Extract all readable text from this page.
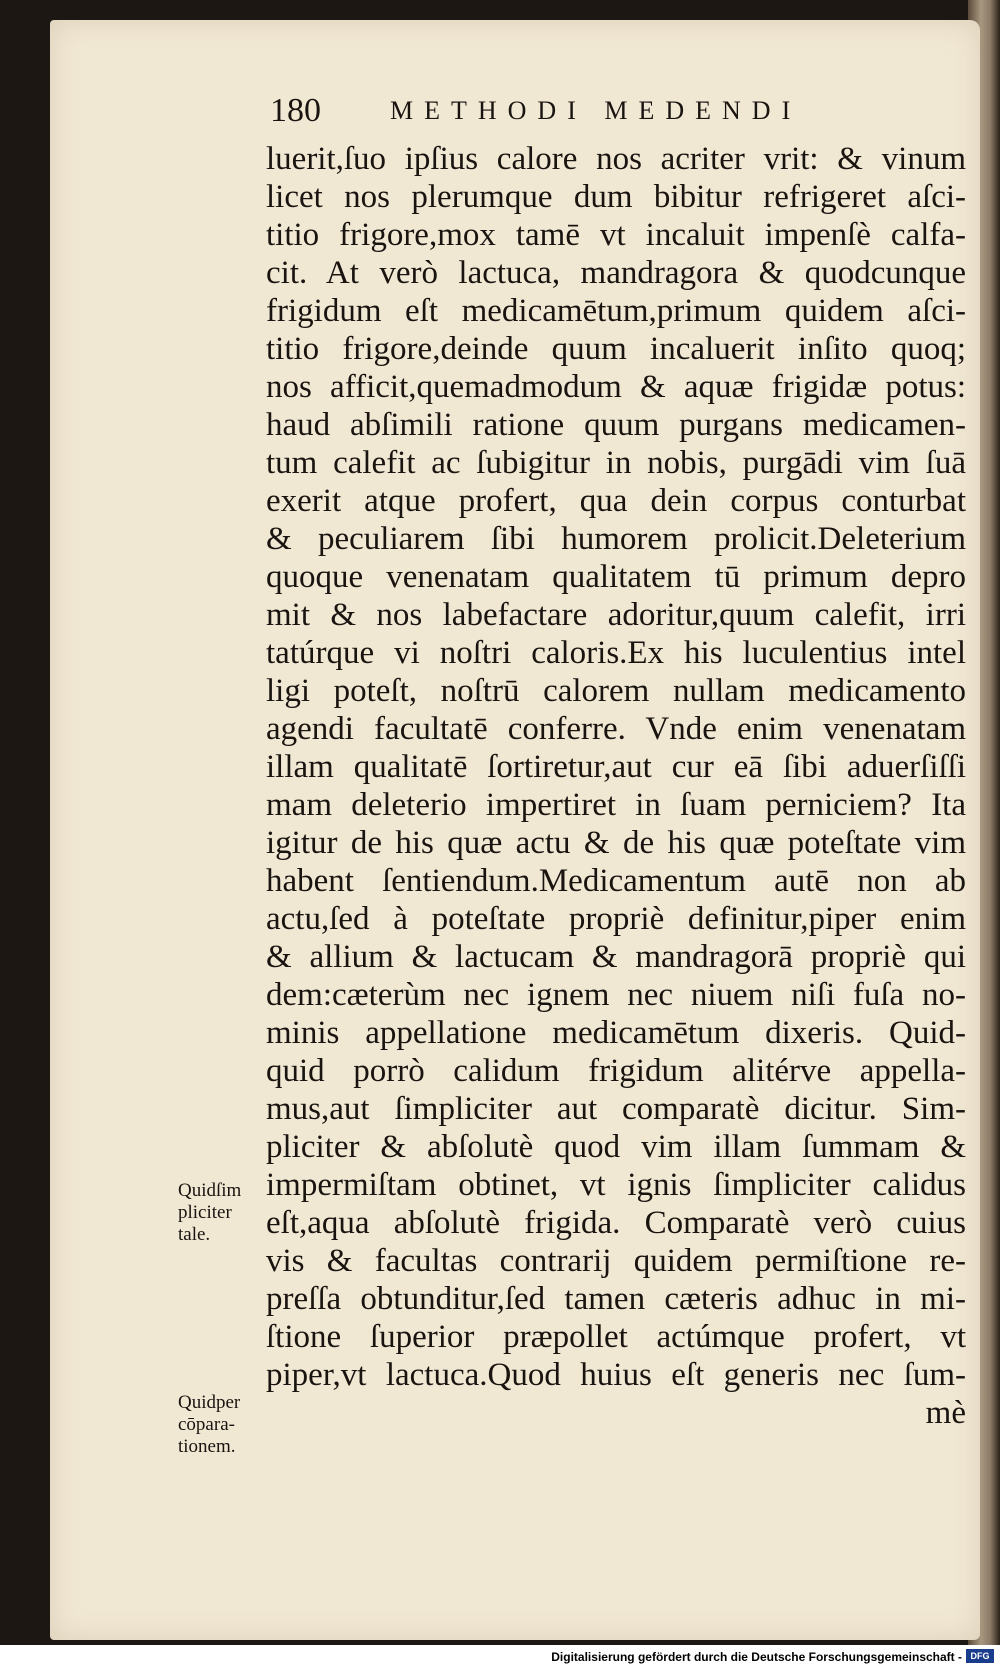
180	METHODI MEDENDI
luerit,ſuo ipſius calore nos acriter vrit: & vinum
licet nos plerumque dum bibitur refrigeret aſci-
titio frigore,mox tamē vt incaluit impenſè calfa-
cit. At verò lactuca, mandragora & quodcunque
frigidum eſt medicamētum,primum quidem aſci-
titio frigore,deinde quum incaluerit inſito quoq;
nos afficit,quemadmodum & aquæ frigidæ potus:
haud abſimili ratione quum purgans medicamen-
tum calefit ac ſubigitur in nobis, purgādi vim ſuā
exerit atque profert, qua dein corpus conturbat
& peculiarem ſibi humorem prolicit.Deleterium
quoque venenatam qualitatem tū primum depro
mit & nos labefactare adoritur,quum calefit, irri
tatúrque vi noſtri caloris.Ex his luculentius intel
ligi poteſt, noſtrū calorem nullam medicamento
agendi facultatē conferre. Vnde enim venenatam
illam qualitatē ſortiretur,aut cur eā ſibi aduerſiſſi
mam deleterio impertiret in ſuam perniciem? Ita
igitur de his quæ actu & de his quæ poteſtate vim
habent ſentiendum.Medicamentum autē non ab
actu,ſed à poteſtate propriè definitur,piper enim
& allium & lactucam & mandragorā propriè qui
dem:cæterùm nec ignem nec niuem niſi fuſa no-
minis appellatione medicamētum dixeris. Quid-
quid porrò calidum frigidum alitérve appella-
mus,aut ſimpliciter aut comparatè dicitur. Sim-
pliciter & abſolutè quod vim illam ſummam &
impermiſtam obtinet, vt ignis ſimpliciter calidus
eſt,aqua abſolutè frigida. Comparatè verò cuius
vis & facultas contrarij quidem permiſtione re-
preſſa obtunditur,ſed tamen cæteris adhuc in mi-
ſtione ſuperior præpollet actúmque profert, vt
piper,vt lactuca.Quod huius eſt generis nec ſum-
mè
Quidſim
pliciter
tale.
Quidper
cōpara-
tionem.
Digitalisierung gefördert durch die Deutsche Forschungsgemeinschaft - DFG
